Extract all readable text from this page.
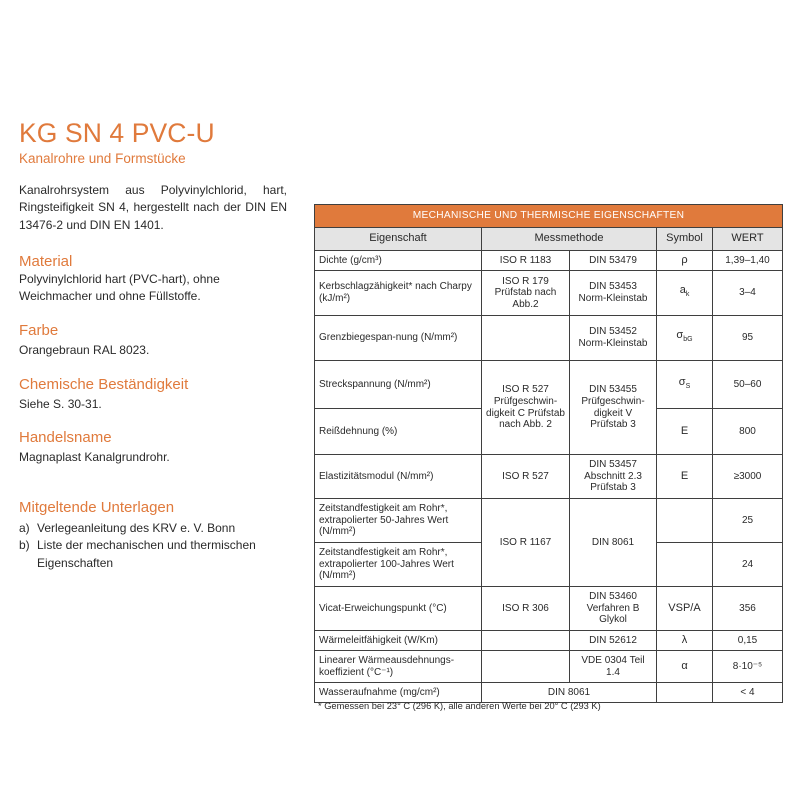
KG SN 4 PVC-U
Kanalrohre und Formstücke
Kanalrohrsystem aus Polyvinylchlorid, hart, Ringsteifigkeit SN 4, hergestellt nach der DIN EN 13476-2 und DIN EN 1401.
Material
Polyvinylchlorid hart (PVC-hart), ohne Weichmacher und ohne Füllstoffe.
Farbe
Orangebraun RAL 8023.
Chemische Beständigkeit
Siehe S. 30-31.
Handelsname
Magnaplast Kanalgrundrohr.
Mitgeltende Unterlagen
a) Verlegeanleitung des KRV e. V. Bonn
b) Liste der mechanischen und thermischen Eigenschaften
MECHANISCHE UND THERMISCHE EIGENSCHAFTEN				
Eigenschaft	Messmethode		Symbol	WERT
Dichte (g/cm³)	ISO R 1183	DIN 53479	ρ	1,39–1,40
Kerbschlagzähigkeit* nach Charpy (kJ/m²)	ISO R 179 Prüfstab nach Abb.2	DIN 53453 Norm-Kleinstab	$a_k$	3–4
Grenzbiegespan-nung (N/mm²)		DIN 53452 Norm-Kleinstab	$\sigma_{bG}$	95
Streckspannung (N/mm²)	ISO R 527 Prüfgeschwin-digkeit C Prüfstab nach Abb. 2	DIN 53455 Prüfgeschwin-digkeit V Prüfstab 3	$\sigma_S$	50–60
Reißdehnung (%)			E	800
Elastizitätsmodul (N/mm²)	ISO R 527	DIN 53457 Abschnitt 2.3 Prüfstab 3	E	≥3000
Zeitstandfestigkeit am Rohr*, extrapolierter 50-Jahres Wert (N/mm²)	ISO R 1167	DIN 8061		25
Zeitstandfestigkeit am Rohr*, extrapolierter 100-Jahres Wert (N/mm²)				24
Vicat-Erweichungspunkt (°C)	ISO R 306	DIN 53460 Verfahren B Glykol	VSP/A	356
Wärmeleitfähigkeit (W/Km)		DIN 52612	λ	0,15
Linearer Wärmeausdehnungs-koeffizient (°C⁻¹)		VDE 0304 Teil 1.4	α	8·10⁻⁵
Wasseraufnahme (mg/cm²)	DIN 8061			< 4
* Gemessen bei 23° C (296 K), alle anderen Werte bei 20° C (293 K)
